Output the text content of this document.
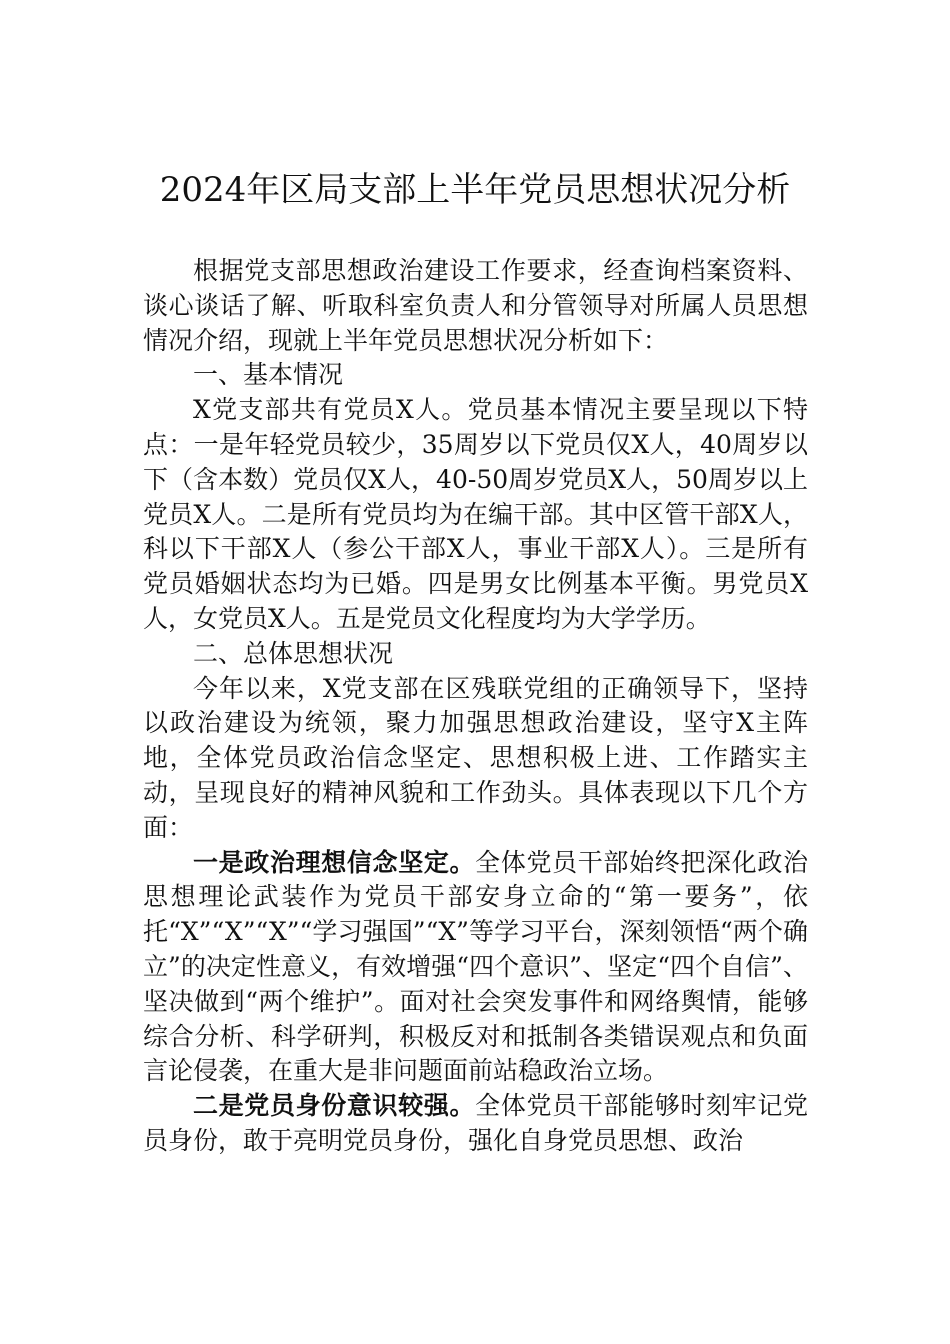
2024年区局支部上半年党员思想状况分析

根据党支部思想政治建设工作要求，经查询档案资料、谈心谈话了解、听取科室负责人和分管领导对所属人员思想情况介绍，现就上半年党员思想状况分析如下：

一、基本情况

X党支部共有党员X人。党员基本情况主要呈现以下特点：一是年轻党员较少，35周岁以下党员仅X人，40周岁以下（含本数）党员仅X人，40-50周岁党员X人，50周岁以上党员X人。二是所有党员均为在编干部。其中区管干部X人，科以下干部X人（参公干部X人，事业干部X人）。三是所有党员婚姻状态均为已婚。四是男女比例基本平衡。男党员X人，女党员X人。五是党员文化程度均为大学学历。

二、总体思想状况

今年以来，X党支部在区残联党组的正确领导下，坚持以政治建设为统领，聚力加强思想政治建设，坚守X主阵地，全体党员政治信念坚定、思想积极上进、工作踏实主动，呈现良好的精神风貌和工作劲头。具体表现以下几个方面：

一是政治理想信念坚定。全体党员干部始终把深化政治思想理论武装作为党员干部安身立命的“第一要务”，依托“X”“X”“X”“学习强国”“X”等学习平台，深刻领悟“两个确立”的决定性意义，有效增强“四个意识”、坚定“四个自信”、坚决做到“两个维护”。面对社会突发事件和网络舆情，能够综合分析、科学研判，积极反对和抵制各类错误观点和负面言论侵袭，在重大是非问题面前站稳政治立场。

二是党员身份意识较强。全体党员干部能够时刻牢记党员身份，敢于亮明党员身份，强化自身党员思想、政治
